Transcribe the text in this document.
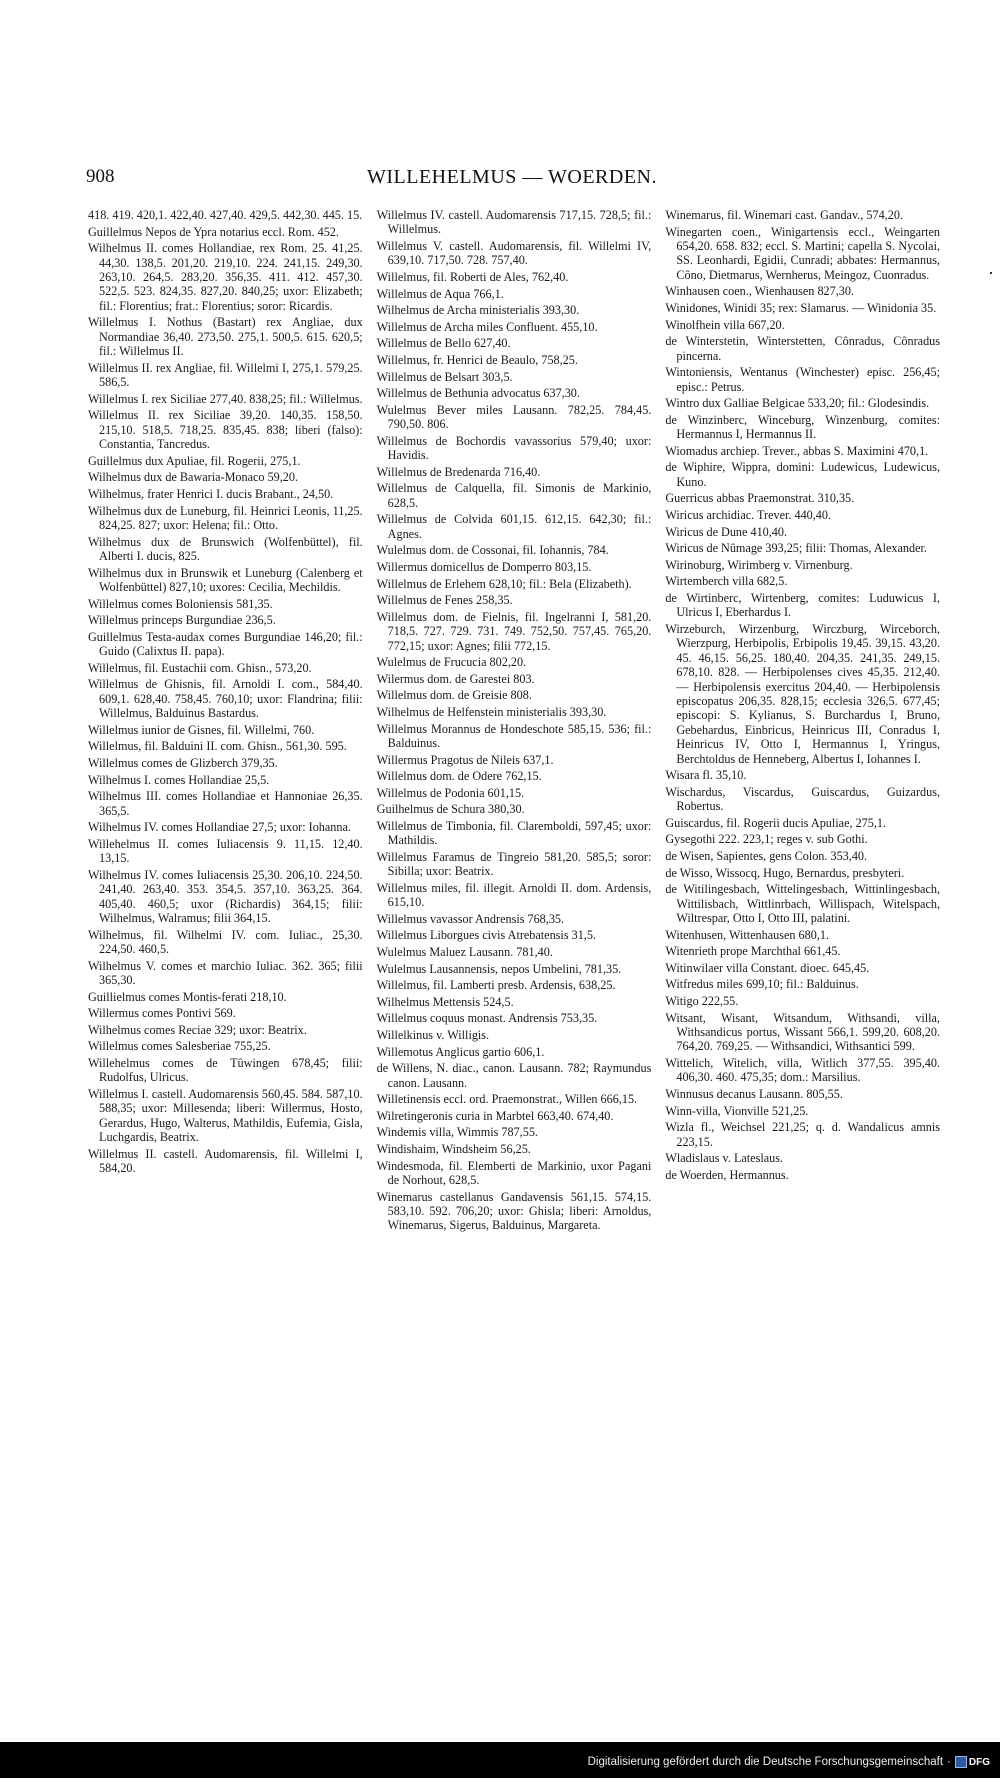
908	WILLEHELMUS — WOERDEN.

418. 419. 420,1. 422,40. 427,40. 429,5. 442,30. 445. 15.

Guillelmus Nepos de Ypra notarius eccl. Rom. 452.

Wilhelmus II. comes Hollandiae, rex Rom. 25. 41,25. 44,30. 138,5. 201,20. 219,10. 224. 241,15. 249,30. 263,10. 264,5. 283,20. 356,35. 411. 412. 457,30. 522,5. 523. 824,35. 827,20. 840,25; uxor: Elizabeth; fil.: Florentius; frat.: Florentius; soror: Ricardis.

Willelmus I. Nothus (Bastart) rex Angliae, dux Normandiae 36,40. 273,50. 275,1. 500,5. 615. 620,5; fil.: Willelmus II.

Willelmus II. rex Angliae, fil. Willelmi I, 275,1. 579,25. 586,5.

Willelmus I. rex Siciliae 277,40. 838,25; fil.: Willelmus.

Willelmus II. rex Siciliae 39,20. 140,35. 158,50. 215,10. 518,5. 718,25. 835,45. 838; liberi (falso): Constantia, Tancredus.

Guillelmus dux Apuliae, fil. Rogerii, 275,1.

Wilhelmus dux de Bawaria-Monaco 59,20.

Wilhelmus, frater Henrici I. ducis Brabant., 24,50.

Wilhelmus dux de Luneburg, fil. Heinrici Leonis, 11,25. 824,25. 827; uxor: Helena; fil.: Otto.

Wilhelmus dux de Brunswich (Wolfenbüttel), fil. Alberti I. ducis, 825.

Wilhelmus dux in Brunswik et Luneburg (Calenberg et Wolfenbüttel) 827,10; uxores: Cecilia, Mechildis.

Willelmus comes Boloniensis 581,35.

Willelmus princeps Burgundiae 236,5.

Guillelmus Testa-audax comes Burgundiae 146,20; fil.: Guido (Calixtus II. papa).

Willelmus, fil. Eustachii com. Ghisn., 573,20.

Willelmus de Ghisnis, fil. Arnoldi I. com., 584,40. 609,1. 628,40. 758,45. 760,10; uxor: Flandrina; filii: Willelmus, Balduinus Bastardus.

Willelmus iunior de Gisnes, fil. Willelmi, 760.

Willelmus, fil. Balduini II. com. Ghisn., 561,30. 595.

Willelmus comes de Glizberch 379,35.

Wilhelmus I. comes Hollandiae 25,5.

Wilhelmus III. comes Hollandiae et Hannoniae 26,35. 365,5.

Wilhelmus IV. comes Hollandiae 27,5; uxor: Iohanna.

Willehelmus II. comes Iuliacensis 9. 11,15. 12,40. 13,15.

Wilhelmus IV. comes Iuliacensis 25,30. 206,10. 224,50. 241,40. 263,40. 353. 354,5. 357,10. 363,25. 364. 405,40. 460,5; uxor (Richardis) 364,15; filii: Wilhelmus, Walramus; filii 364,15.

Wilhelmus, fil. Wilhelmi IV. com. Iuliac., 25,30. 224,50. 460,5.

Wilhelmus V. comes et marchio Iuliac. 362. 365; filii 365,30.

Guillielmus comes Montis-ferati 218,10.

Willermus comes Pontivi 569.

Wilhelmus comes Reciae 329; uxor: Beatrix.

Willelmus comes Salesberiae 755,25.

Willehelmus comes de Tûwingen 678,45; filii: Rudolfus, Ulricus.

Willelmus I. castell. Audomarensis 560,45. 584. 587,10. 588,35; uxor: Millesenda; liberi: Willermus, Hosto, Gerardus, Hugo, Walterus, Mathildis, Eufemia, Gisla, Luchgardis, Beatrix.

Willelmus II. castell. Audomarensis, fil. Willelmi I, 584,20.

Willelmus IV. castell. Audomarensis 717,15. 728,5; fil.: Willelmus.

Willelmus V. castell. Audomarensis, fil. Willelmi IV, 639,10. 717,50. 728. 757,40.

Willelmus, fil. Roberti de Ales, 762,40.

Willelmus de Aqua 766,1.

Wilhelmus de Archa ministerialis 393,30.

Willelmus de Archa miles Confluent. 455,10.

Willelmus de Bello 627,40.

Willelmus, fr. Henrici de Beaulo, 758,25.

Willelmus de Belsart 303,5.

Willelmus de Bethunia advocatus 637,30.

Wulelmus Bever miles Lausann. 782,25. 784,45. 790,50. 806.

Willelmus de Bochordis vavassorius 579,40; uxor: Havidis.

Willelmus de Bredenarda 716,40.

Willelmus de Calquella, fil. Simonis de Markinio, 628,5.

Willelmus de Colvida 601,15. 612,15. 642,30; fil.: Agnes.

Wulelmus dom. de Cossonai, fil. Iohannis, 784.

Willermus domicellus de Domperro 803,15.

Willelmus de Erlehem 628,10; fil.: Bela (Elizabeth).

Willelmus de Fenes 258,35.

Willelmus dom. de Fielnis, fil. Ingelranni I, 581,20. 718,5. 727. 729. 731. 749. 752,50. 757,45. 765,20. 772,15; uxor: Agnes; filii 772,15.

Wulelmus de Frucucia 802,20.

Wilermus dom. de Garestei 803.

Willelmus dom. de Greisie 808.

Wilhelmus de Helfenstein ministerialis 393,30.

Willelmus Morannus de Hondeschote 585,15. 536; fil.: Balduinus.

Willermus Pragotus de Nileis 637,1.

Willelmus dom. de Odere 762,15.

Willelmus de Podonia 601,15.

Guilhelmus de Schura 380,30.

Willelmus de Timbonia, fil. Claremboldi, 597,45; uxor: Mathildis.

Willelmus Faramus de Tingreio 581,20. 585,5; soror: Sibilla; uxor: Beatrix.

Willelmus miles, fil. illegit. Arnoldi II. dom. Ardensis, 615,10.

Willelmus vavassor Andrensis 768,35.

Willelmus Liborgues civis Atrebatensis 31,5.

Wulelmus Maluez Lausann. 781,40.

Wulelmus Lausannensis, nepos Umbelini, 781,35.

Willelmus, fil. Lamberti presb. Ardensis, 638,25.

Wilhelmus Mettensis 524,5.

Willelmus coquus monast. Andrensis 753,35.

Willelkinus v. Willigis.

Willemotus Anglicus gartio 606,1.

de Willens, N. diac., canon. Lausann. 782; Raymundus canon. Lausann.

Willetinensis eccl. ord. Praemonstrat., Willen 666,15.

Wilretingeronis curia in Marbtel 663,40. 674,40.

Windemis villa, Wimmis 787,55.

Windishaim, Windsheim 56,25.

Windesmoda, fil. Elemberti de Markinio, uxor Pagani de Norhout, 628,5.

Winemarus castellanus Gandavensis 561,15. 574,15. 583,10. 592. 706,20; uxor: Ghisla; liberi: Arnoldus, Winemarus, Sigerus, Balduinus, Margareta.

Winemarus, fil. Winemari cast. Gandav., 574,20.

Winegarten coen., Winigartensis eccl., Weingarten 654,20. 658. 832; eccl. S. Martini; capella S. Nycolai, SS. Leonhardi, Egidii, Cunradi; abbates: Hermannus, Côno, Dietmarus, Wernherus, Meingoz, Cuonradus.

Winhausen coen., Wienhausen 827,30.

Winidones, Winidi 35; rex: Slamarus. — Winidonia 35.

Winolfhein villa 667,20.

de Winterstetin, Winterstetten, Cônradus, Cônradus pincerna.

Wintoniensis, Wentanus (Winchester) episc. 256,45; episc.: Petrus.

Wintro dux Galliae Belgicae 533,20; fil.: Glodesindis.

de Winzinberc, Winceburg, Winzenburg, comites: Hermannus I, Hermannus II.

Wiomadus archiep. Trever., abbas S. Maximini 470,1.

de Wiphire, Wippra, domini: Ludewicus, Ludewicus, Kuno.

Guerricus abbas Praemonstrat. 310,35.

Wiricus archidiac. Trever. 440,40.

Wiricus de Dune 410,40.

Wiricus de Nûmage 393,25; filii: Thomas, Alexander.

Wirinoburg, Wirimberg v. Virnenburg.

Wirtemberch villa 682,5.

de Wirtinberc, Wirtenberg, comites: Luduwicus I, Ulricus I, Eberhardus I.

Wirzeburch, Wirzenburg, Wirczburg, Wirceborch, Wierzpurg, Herbipolis, Erbipolis 19,45. 39,15. 43,20. 45. 46,15. 56,25. 180,40. 204,35. 241,35. 249,15. 678,10. 828. — Herbipolenses cives 45,35. 212,40. — Herbipolensis exercitus 204,40. — Herbipolensis episcopatus 206,35. 828,15; ecclesia 326,5. 677,45; episcopi: S. Kylianus, S. Burchardus I, Bruno, Gebehardus, Einbricus, Heinricus III, Conradus I, Heinricus IV, Otto I, Hermannus I, Yringus, Berchtoldus de Henneberg, Albertus I, Iohannes I.

Wisara fl. 35,10.

Wischardus, Viscardus, Guiscardus, Guizardus, Robertus.

Guiscardus, fil. Rogerii ducis Apuliae, 275,1.

Gysegothi 222. 223,1; reges v. sub Gothi.

de Wisen, Sapientes, gens Colon. 353,40.

de Wisso, Wissocq, Hugo, Bernardus, presbyteri.

de Witilingesbach, Wittelingesbach, Wittinlingesbach, Wittilisbach, Wittlinrbach, Willispach, Witelspach, Wiltrespar, Otto I, Otto III, palatini.

Witenhusen, Wittenhausen 680,1.

Witenrieth prope Marchthal 661,45.

Witinwilaer villa Constant. dioec. 645,45.

Witfredus miles 699,10; fil.: Balduinus.

Witigo 222,55.

Witsant, Wisant, Witsandum, Withsandi, villa, Withsandicus portus, Wissant 566,1. 599,20. 608,20. 764,20. 769,25. — Withsandici, Withsantici 599.

Wittelich, Witelich, villa, Witlich 377,55. 395,40. 406,30. 460. 475,35; dom.: Marsilius.

Winnusus decanus Lausann. 805,55.

Winn-villa, Vionville 521,25.

Wizla fl., Weichsel 221,25; q. d. Wandalicus amnis 223,15.

Wladislaus v. Lateslaus.

de Woerden, Hermannus.

Digitalisierung gefördert durch die Deutsche Forschungsgemeinschaft · DFG
